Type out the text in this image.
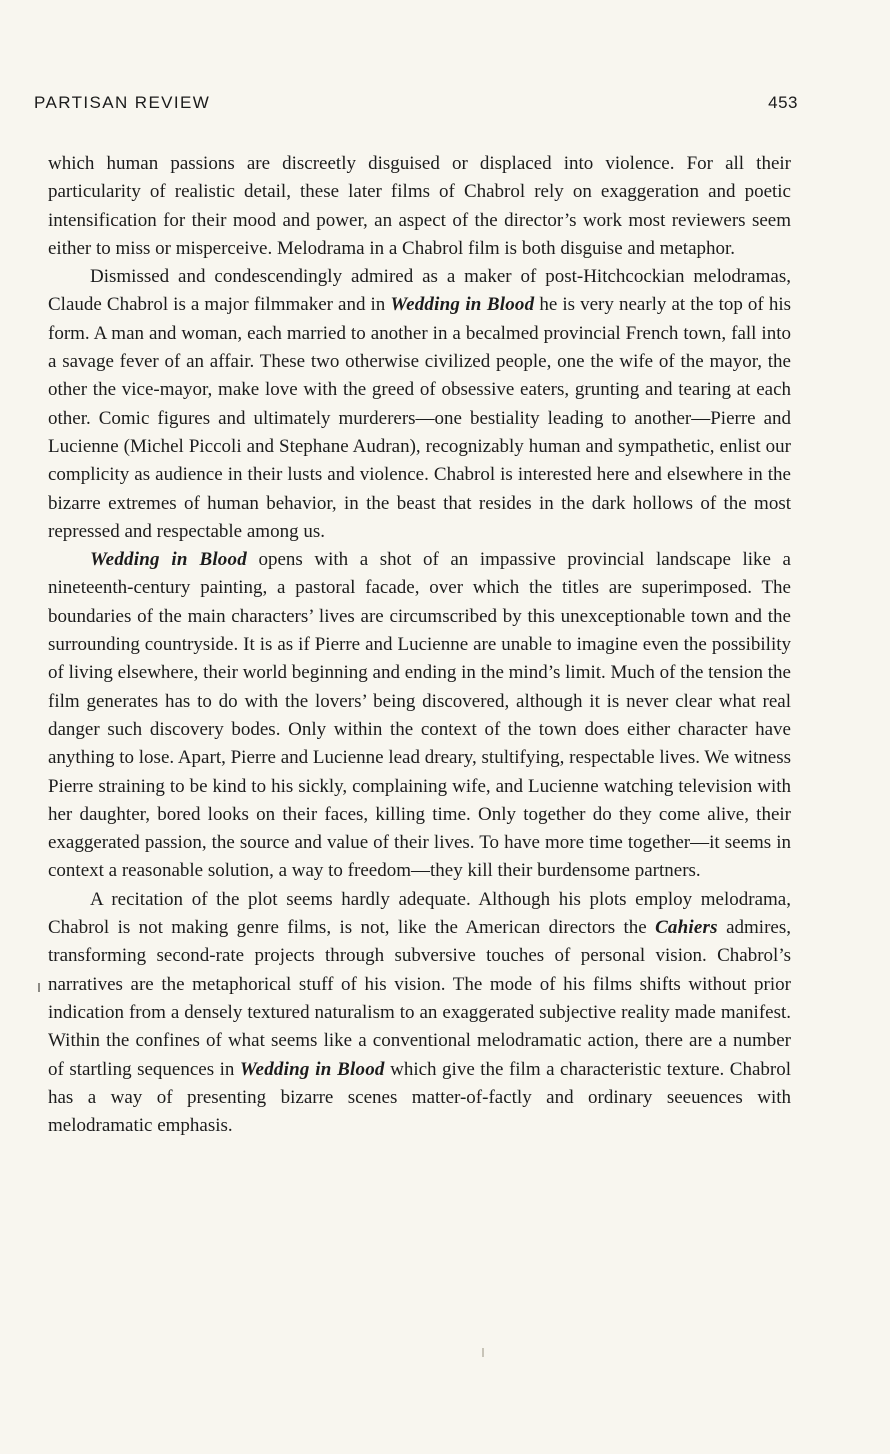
PARTISAN REVIEW	453

which human passions are discreetly disguised or displaced into violence. For all their particularity of realistic detail, these later films of Chabrol rely on exaggeration and poetic intensification for their mood and power, an aspect of the director’s work most reviewers seem either to miss or misperceive. Melodrama in a Chabrol film is both disguise and metaphor.

Dismissed and condescendingly admired as a maker of post-Hitchcockian melodramas, Claude Chabrol is a major filmmaker and in Wedding in Blood he is very nearly at the top of his form. A man and woman, each married to another in a becalmed provincial French town, fall into a savage fever of an affair. These two otherwise civilized people, one the wife of the mayor, the other the vice-mayor, make love with the greed of obsessive eaters, grunting and tearing at each other. Comic figures and ultimately murderers—one bestiality leading to another—Pierre and Lucienne (Michel Piccoli and Stephane Audran), recognizably human and sympathetic, enlist our complicity as audience in their lusts and violence. Chabrol is interested here and elsewhere in the bizarre extremes of human behavior, in the beast that resides in the dark hollows of the most repressed and respectable among us.

Wedding in Blood opens with a shot of an impassive provincial landscape like a nineteenth-century painting, a pastoral facade, over which the titles are superimposed. The boundaries of the main characters’ lives are circumscribed by this unexceptionable town and the surrounding countryside. It is as if Pierre and Lucienne are unable to imagine even the possibility of living elsewhere, their world beginning and ending in the mind’s limit. Much of the tension the film generates has to do with the lovers’ being discovered, although it is never clear what real danger such discovery bodes. Only within the context of the town does either character have anything to lose. Apart, Pierre and Lucienne lead dreary, stultifying, respectable lives. We witness Pierre straining to be kind to his sickly, complaining wife, and Lucienne watching television with her daughter, bored looks on their faces, killing time. Only together do they come alive, their exaggerated passion, the source and value of their lives. To have more time together—it seems in context a reasonable solution, a way to freedom—they kill their burdensome partners.

A recitation of the plot seems hardly adequate. Although his plots employ melodrama, Chabrol is not making genre films, is not, like the American directors the Cahiers admires, transforming second-rate projects through subversive touches of personal vision. Chabrol’s narratives are the metaphorical stuff of his vision. The mode of his films shifts without prior indication from a densely textured naturalism to an exaggerated subjective reality made manifest. Within the confines of what seems like a conventional melodramatic action, there are a number of startling sequences in Wedding in Blood which give the film a characteristic texture. Chabrol has a way of presenting bizarre scenes matter-of-factly and ordinary seeuences with melodramatic emphasis.
